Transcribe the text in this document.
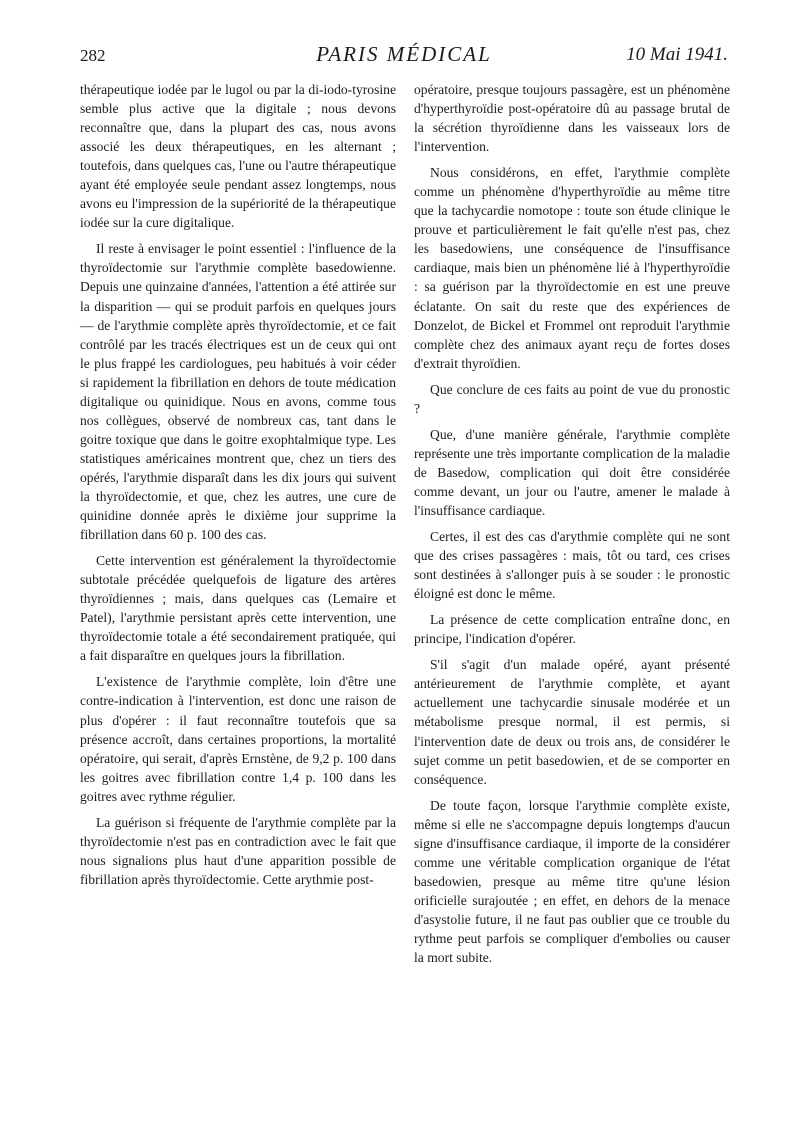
282	PARIS MÉDICAL	10 Mai 1941.

thérapeutique iodée par le lugol ou par la di-iodo-tyrosine semble plus active que la digitale ; nous devons reconnaître que, dans la plupart des cas, nous avons associé les deux thérapeutiques, en les alternant ; toutefois, dans quelques cas, l'une ou l'autre thérapeutique ayant été employée seule pendant assez longtemps, nous avons eu l'impression de la supériorité de la thérapeutique iodée sur la cure digitalique.

Il reste à envisager le point essentiel : l'influence de la thyroïdectomie sur l'arythmie complète basedowienne. Depuis une quinzaine d'années, l'attention a été attirée sur la disparition — qui se produit parfois en quelques jours — de l'arythmie complète après thyroïdectomie, et ce fait contrôlé par les tracés électriques est un de ceux qui ont le plus frappé les cardiologues, peu habitués à voir céder si rapidement la fibrillation en dehors de toute médication digitalique ou quinidique. Nous en avons, comme tous nos collègues, observé de nombreux cas, tant dans le goitre toxique que dans le goitre exophtalmique type. Les statistiques américaines montrent que, chez un tiers des opérés, l'arythmie disparaît dans les dix jours qui suivent la thyroïdectomie, et que, chez les autres, une cure de quinidine donnée après le dixième jour supprime la fibrillation dans 60 p. 100 des cas.

Cette intervention est généralement la thyroïdectomie subtotale précédée quelquefois de ligature des artères thyroïdiennes ; mais, dans quelques cas (Lemaire et Patel), l'arythmie persistant après cette intervention, une thyroïdectomie totale a été secondairement pratiquée, qui a fait disparaître en quelques jours la fibrillation.

L'existence de l'arythmie complète, loin d'être une contre-indication à l'intervention, est donc une raison de plus d'opérer : il faut reconnaître toutefois que sa présence accroît, dans certaines proportions, la mortalité opératoire, qui serait, d'après Ernstène, de 9,2 p. 100 dans les goitres avec fibrillation contre 1,4 p. 100 dans les goitres avec rythme régulier.

La guérison si fréquente de l'arythmie complète par la thyroïdectomie n'est pas en contradiction avec le fait que nous signalions plus haut d'une apparition possible de fibrillation après thyroïdectomie. Cette arythmie post-

opératoire, presque toujours passagère, est un phénomène d'hyperthyroïdie post-opératoire dû au passage brutal de la sécrétion thyroïdienne dans les vaisseaux lors de l'intervention.

Nous considérons, en effet, l'arythmie complète comme un phénomène d'hyperthyroïdie au même titre que la tachycardie nomotope : toute son étude clinique le prouve et particulièrement le fait qu'elle n'est pas, chez les basedowiens, une conséquence de l'insuffisance cardiaque, mais bien un phénomène lié à l'hyperthyroïdie : sa guérison par la thyroïdectomie en est une preuve éclatante. On sait du reste que des expériences de Donzelot, de Bickel et Frommel ont reproduit l'arythmie complète chez des animaux ayant reçu de fortes doses d'extrait thyroïdien.

Que conclure de ces faits au point de vue du pronostic ?

Que, d'une manière générale, l'arythmie complète représente une très importante complication de la maladie de Basedow, complication qui doit être considérée comme devant, un jour ou l'autre, amener le malade à l'insuffisance cardiaque.

Certes, il est des cas d'arythmie complète qui ne sont que des crises passagères : mais, tôt ou tard, ces crises sont destinées à s'allonger puis à se souder : le pronostic éloigné est donc le même.

La présence de cette complication entraîne donc, en principe, l'indication d'opérer.

S'il s'agit d'un malade opéré, ayant présenté antérieurement de l'arythmie complète, et ayant actuellement une tachycardie sinusale modérée et un métabolisme presque normal, il est permis, si l'intervention date de deux ou trois ans, de considérer le sujet comme un petit basedowien, et de se comporter en conséquence.

De toute façon, lorsque l'arythmie complète existe, même si elle ne s'accompagne depuis longtemps d'aucun signe d'insuffisance cardiaque, il importe de la considérer comme une véritable complication organique de l'état basedowien, presque au même titre qu'une lésion orificielle surajoutée ; en effet, en dehors de la menace d'asystolie future, il ne faut pas oublier que ce trouble du rythme peut parfois se compliquer d'embolies ou causer la mort subite.
